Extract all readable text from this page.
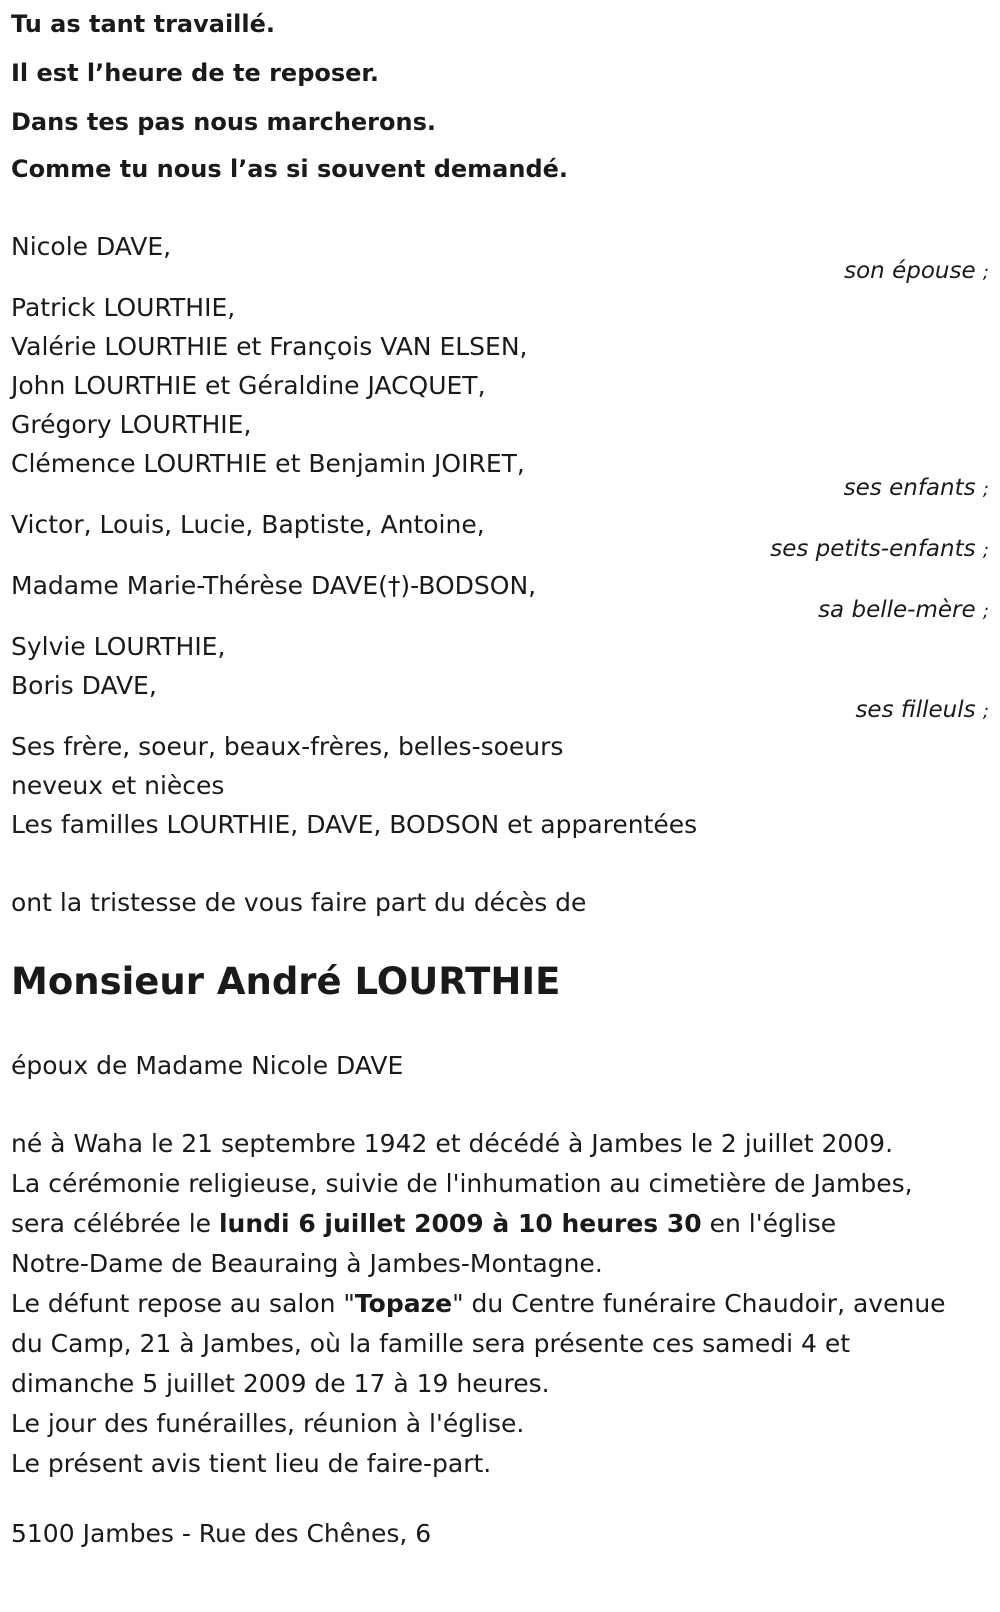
Tu as tant travaillé.

Il est l’heure de te reposer.

Dans tes pas nous marcherons.

Comme tu nous l’as si souvent demandé.

Nicole DAVE,
son épouse ;
Patrick LOURTHIE,
Valérie LOURTHIE et François VAN ELSEN,
John LOURTHIE et Géraldine JACQUET,
Grégory LOURTHIE,
Clémence LOURTHIE et Benjamin JOIRET,
ses enfants ;
Victor, Louis, Lucie, Baptiste, Antoine,
ses petits-enfants ;
Madame Marie-Thérèse DAVE(†)-BODSON,
sa belle-mère ;
Sylvie LOURTHIE,
Boris DAVE,
ses filleuls ;
Ses frère, soeur, beaux-frères, belles-soeurs
neveux et nièces
Les familles LOURTHIE, DAVE, BODSON et apparentées
ont la tristesse de vous faire part du décès de
Monsieur André LOURTHIE
époux de Madame Nicole DAVE
né à Waha le 21 septembre 1942 et décédé à Jambes le 2 juillet 2009.
La cérémonie religieuse, suivie de l'inhumation au cimetière de Jambes,
sera célébrée le lundi 6 juillet 2009 à 10 heures 30 en l'église
Notre-Dame de Beauraing à Jambes-Montagne.
Le défunt repose au salon "Topaze" du Centre funéraire Chaudoir, avenue
du Camp, 21 à Jambes, où la famille sera présente ces samedi 4 et
dimanche 5 juillet 2009 de 17 à 19 heures.
Le jour des funérailles, réunion à l'église.
Le présent avis tient lieu de faire-part.
5100 Jambes - Rue des Chênes, 6
